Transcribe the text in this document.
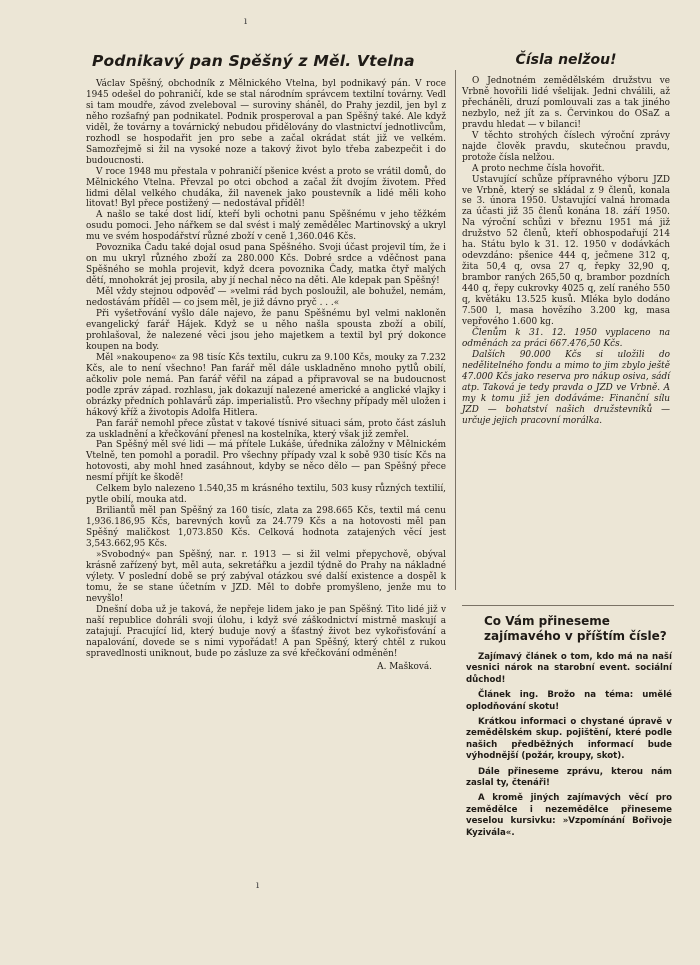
ı
Podnikavý pan Spěšný z Měl. Vtelna

Václav Spěšný, obchodník z Mělnického Vtelna, byl podnikavý pán. V roce 1945 odešel do pohraničí, kde se stal národním správcem textilní továrny. Vedl si tam moudře, závod zveleboval — suroviny sháněl, do Prahy jezdil, jen byl z něho rozšafný pan podnikatel. Podnik prosperoval a pan Spěšný také. Ale když viděl, že továrny a továrnický nebudou přidělovány do vlastnictví jednotlivcům, rozhodl se hospodařit jen pro sebe a začal okrádat stát již ve velkém. Samozřejmě si žil na vysoké noze a takový život bylo třeba zabezpečit i do budoucnosti.

V roce 1948 mu přestala v pohraničí pšenice kvést a proto se vrátil domů, do Mělnického Vtelna. Převzal po otci obchod a začal žít dvojím životem. Před lidmi dělal velkého chudáka, žil navenek jako poustevník a lidé měli koho litovat! Byl přece postižený — nedostával přiděl!

A našlo se také dost lidí, kteří byli ochotni panu Spěšnému v jeho těžkém osudu pomoci. Jeho nářkem se dal svést i malý zemědělec Martinovský a ukryl mu ve svém hospodářství různé zboží v ceně 1,360.046 Kčs.

Povoznika Čadu také dojal osud pana Spěšného. Svoji účast projevil tím, že i on mu ukryl různého zboží za 280.000 Kčs. Dobré srdce a vděčnost pana Spěšného se mohla projevit, když dcera povoznika Čady, matka čtyř malých dětí, mnohokrát jej prosila, aby jí nechal něco na děti. Ale kdepak pan Spěšný!

Měl vždy stejnou odpověď — »velmi rád bych posloužil, ale bohužel, nemám, nedostávám příděl — co jsem měl, je již dávno pryč . . .«

Při vyšetřování vyšlo dále najevo, že panu Spěšnému byl velmi nakloněn evangelický farář Hájek. Když se u něho našla spousta zboží a obilí, prohlašoval, že nalezené věci jsou jeho majetkem a textil byl prý dokonce koupen na body.

Měl »nakoupeno« za 98 tisíc Kčs textilu, cukru za 9.100 Kčs, mouky za 7.232 Kčs, ale to není všechno! Pan farář měl dále uskladněno mnoho pytlů obilí, ačkoliv pole nemá. Pan farář věřil na západ a připravoval se na budoucnost podle zpráv západ. rozhlasu, jak dokazují nalezené americké a anglické vlajky i obrázky předních pohlavárů záp. imperialistů. Pro všechny případy měl uložen i hákový kříž a životopis Adolfa Hitlera.

Pan farář nemohl přece zůstat v takové tísnivé situaci sám, proto část zásluh za uskladnění a křečkování přenesl na kostelníka, který však již zemřel.

Pan Spěšný měl své lidi — má přítele Lukáše, úřednika záložny v Mělnickém Vtelně, ten pomohl a poradil. Pro všechny případy vzal k sobě 930 tisíc Kčs na hotovosti, aby mohl hned zasáhnout, kdyby se něco dělo — pan Spěšný přece nesmí přijít ke škodě!

Celkem bylo nalezeno 1.540,35 m krásného textilu, 503 kusy různých textilií, pytle obilí, mouka atd.

Briliantů měl pan Spěšný za 160 tisíc, zlata za 298.665 Kčs, textil má cenu 1,936.186,95 Kčs, barevných kovů za 24.779 Kčs a na hotovosti měl pan Spěšný maličkost 1,073.850 Kčs. Celková hodnota zatajených věcí jest 3,543.662,95 Kčs.

»Svobodný« pan Spěšný, nar. r. 1913 — si žil velmi přepychově, obýval krásně zařízený byt, měl auta, sekretářku a jezdil týdně do Prahy na nákladné výlety. V poslední době se prý zabýval otázkou své další existence a dospěl k tomu, že se stane účetním v JZD. Měl to dobře promyšleno, jenže mu to nevyšlo!

Dnešní doba už je taková, že nepřeje lidem jako je pan Spěšný. Tito lidé již v naší republice dohráli svoji úlohu, i když své záškodnictví mistrně maskují a zatajují. Pracující lid, který buduje nový a šťastný život bez vykořisťování a napalování, dovede se s nimi vypořádat! A pan Spěšný, který chtěl z rukou spravedlnosti uniknout, bude po zásluze za své křečkování odměněn!

A. Mašková.

Čísla nelžou!

O Jednotném zemědělském družstvu ve Vrbně hovořili lidé všelijak. Jedni chválili, až přecháněli, druzí pomlouvali zas a tak jiného nezbylo, než jít za s. Červinkou do OSaZ a pravdu hledat — v bilanci!

V těchto strohých číslech výroční zprávy najde člověk pravdu, skutečnou pravdu, protože čísla nelžou.

A proto nechme čísla hovořit.

Ustavující schůze přípravného výboru JZD ve Vrbně, který se skládal z 9 členů, konala se 3. února 1950. Ustavující valná hromada za účasti již 35 členů konána 18. září 1950. Na výroční schůzi v březnu 1951 má již družstvo 52 členů, kteří obhospodařují 214 ha. Státu bylo k 31. 12. 1950 v dodávkách odevzdáno: pšenice 444 q, ječmene 312 q, žita 50,4 q, ovsa 27 q, řepky 32,90 q, brambor raných 265,50 q, brambor pozdních 440 q, řepy cukrovky 4025 q, zelí raného 550 q, květáku 13.525 kusů. Mléka bylo dodáno 7.500 l, masa hovězího 3.200 kg, masa vepřového 1.600 kg.

Členům k 31. 12. 1950 vyplaceno na odměnách za práci 667.476,50 Kčs.

Dalších 90.000 Kčs si uložili do nedělitelného fondu a mimo to jim zbylo ještě 47.000 Kčs jako reserva pro nákup osiva, sádí atp. Taková je tedy pravda o JZD ve Vrbně. A my k tomu již jen dodáváme: Finanční sílu JZD — bohatství našich družstevníků — určuje jejich pracovní morálka.

Co Vám přineseme zajímavého v příštím čísle?

Zajímavý článek o tom, kdo má na naší vesnici nárok na starobní event. sociální důchod!

Článek ing. Brožo na téma: umělé oplodňování skotu!

Krátkou informaci o chystané úpravě v zemědělském skup. pojištění, které podle našich předběžných informací bude výhodnější (požár, kroupy, skot).

Dále přineseme zprávu, kterou nám zaslal ty, čtenáři!

A kromě jiných zajímavých věcí pro zemědělce i nezemědělce přineseme veselou kursivku: »Vzpomínání Bořivoje Kyzivála«.

ı
